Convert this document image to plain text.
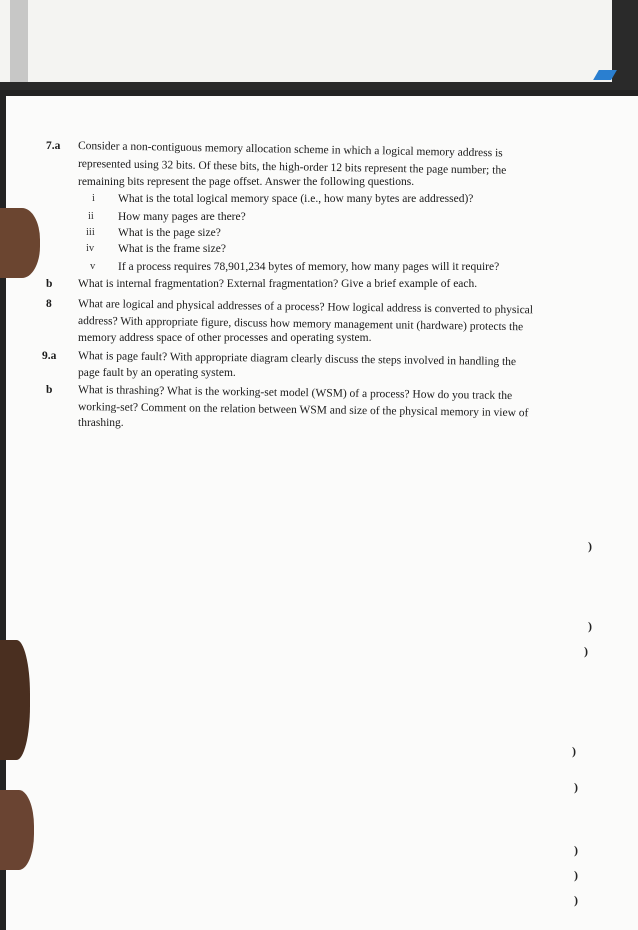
7.a Consider a non-contiguous memory allocation scheme in which a logical memory address is
represented using 32 bits. Of these bits, the high-order 12 bits represent the page number; the
remaining bits represent the page offset. Answer the following questions.
i What is the total logical memory space (i.e., how many bytes are addressed)?
ii How many pages are there?
iii What is the page size?
iv What is the frame size?
v If a process requires 78,901,234 bytes of memory, how many pages will it require?
b What is internal fragmentation? External fragmentation? Give a brief example of each.
8 What are logical and physical addresses of a process? How logical address is converted to physical
address? With appropriate figure, discuss how memory management unit (hardware) protects the
memory address space of other processes and operating system.
9.a What is page fault? With appropriate diagram clearly discuss the steps involved in handling the
page fault by an operating system.
b What is thrashing? What is the working-set model (WSM) of a process? How do you track the
working-set? Comment on the relation between WSM and size of the physical memory in view of
thrashing.
)
)
)
)
)
)
)
)
